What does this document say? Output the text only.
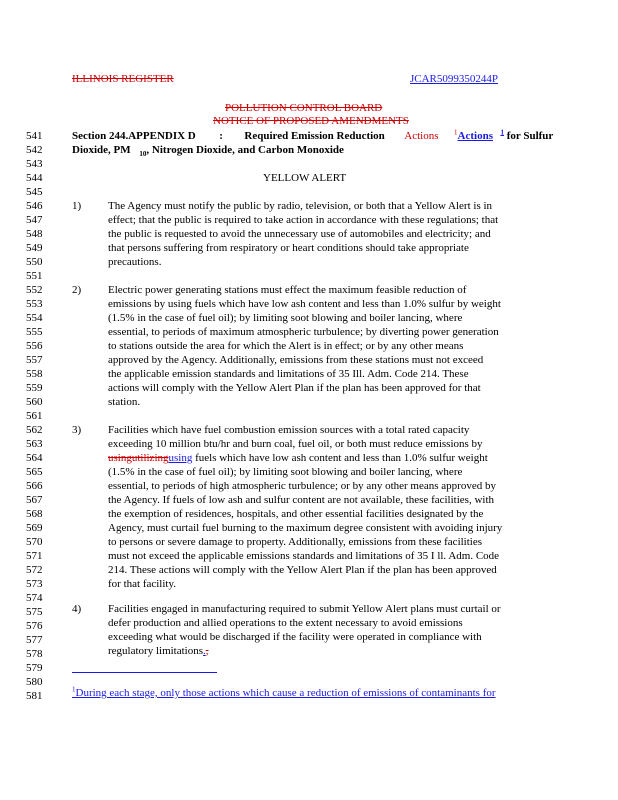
ILLINOIS REGISTER	JCAR5099350244P
POLLUTION CONTROL BOARD
NOTICE OF PROPOSED AMENDMENTS
541
542
543
544
545
546
547
548
549
550
551
552
553
554
555
556
557
558
559
560
561
562
563
564
565
566
567
568
569
570
571
572
573
574
575
576
577
578
579
580
581
Section 244.APPENDIX D : Required Emission Reduction Actions $^1$Actions $^1$ for Sulfur
Dioxide, PM $_{10}$, Nitrogen Dioxide, and Carbon Monoxide
YELLOW ALERT
1) The Agency must notify the public by radio, television, or both that a Yellow Alert is in
effect; that the public is required to take action in accordance with these regulations; that
the public is requested to avoid the unnecessary use of automobiles and electricity; and
that persons suffering from respiratory or heart conditions should take appropriate
precautions.
2) Electric power generating stations must effect the maximum feasible reduction of
emissions by using fuels which have low ash content and less than 1.0% sulfur by weight
(1.5% in the case of fuel oil); by limiting soot blowing and boiler lancing, where
essential, to periods of maximum atmospheric turbulence; by diverting power generation
to stations outside the area for which the Alert is in effect; or by any other means
approved by the Agency. Additionally, emissions from these stations must not exceed
the applicable emission standards and limitations of 35 Ill. Adm. Code 214. These
actions will comply with the Yellow Alert Plan if the plan has been approved for that
station.
3) Facilities which have fuel combustion emission sources with a total rated capacity
exceeding 10 million btu/hr and burn coal, fuel oil, or both must reduce emissions by
usingutilizingusing fuels which have low ash content and less than 1.0% sulfur weight
(1.5% in the case of fuel oil); by limiting soot blowing and boiler lancing, where
essential, to periods of high atmospheric turbulence; or by any other means approved by
the Agency. If fuels of low ash and sulfur content are not available, these facilities, with
the exemption of residences, hospitals, and other essential facilities designated by the
Agency, must curtail fuel burning to the maximum degree consistent with avoiding injury
to persons or severe damage to property. Additionally, emissions from these facilities
must not exceed the applicable emissions standards and limitations of 35 I ll. Adm. Code
214. These actions will comply with the Yellow Alert Plan if the plan has been approved
for that facility.
4) Facilities engaged in manufacturing required to submit Yellow Alert plans must curtail or
defer production and allied operations to the extent necessary to avoid emissions
exceeding what would be discharged if the facility were operated in compliance with
regulatory limitations.,
$^1$During each stage, only those actions which cause a reduction of emissions of contaminants for
